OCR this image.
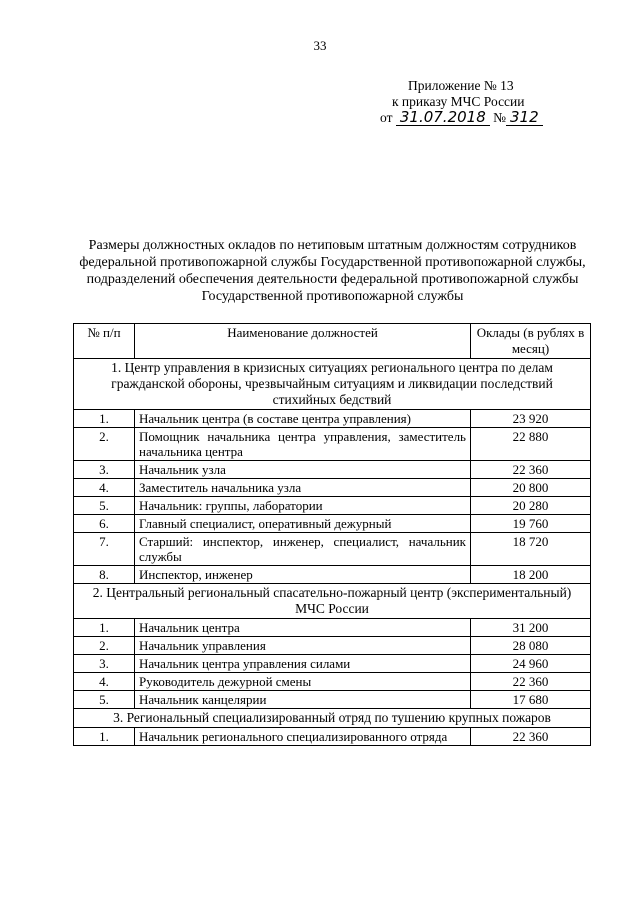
33
Приложение № 13
к приказу МЧС России
от 31.07.2018 № 312
Размеры должностных окладов по нетиповым штатным должностям сотрудников федеральной противопожарной службы Государственной противопожарной службы, подразделений обеспечения деятельности федеральной противопожарной службы Государственной противопожарной службы
№ п/п	Наименование должностей	Оклады (в рублях в месяц)
1. Центр управления в кризисных ситуациях регионального центра по делам гражданской обороны, чрезвычайным ситуациям и ликвидации последствий стихийных бедствий		
1.	Начальник центра (в составе центра управления)	23 920
2.	Помощник начальника центра управления, заместитель начальника центра	22 880
3.	Начальник узла	22 360
4.	Заместитель начальника узла	20 800
5.	Начальник: группы, лаборатории	20 280
6.	Главный специалист, оперативный дежурный	19 760
7.	Старший: инспектор, инженер, специалист, начальник службы	18 720
8.	Инспектор, инженер	18 200
2. Центральный региональный спасательно-пожарный центр (экспериментальный) МЧС России		
1.	Начальник центра	31 200
2.	Начальник управления	28 080
3.	Начальник центра управления силами	24 960
4.	Руководитель дежурной смены	22 360
5.	Начальник канцелярии	17 680
3. Региональный специализированный отряд по тушению крупных пожаров		
1.	Начальник регионального специализированного отряда	22 360
